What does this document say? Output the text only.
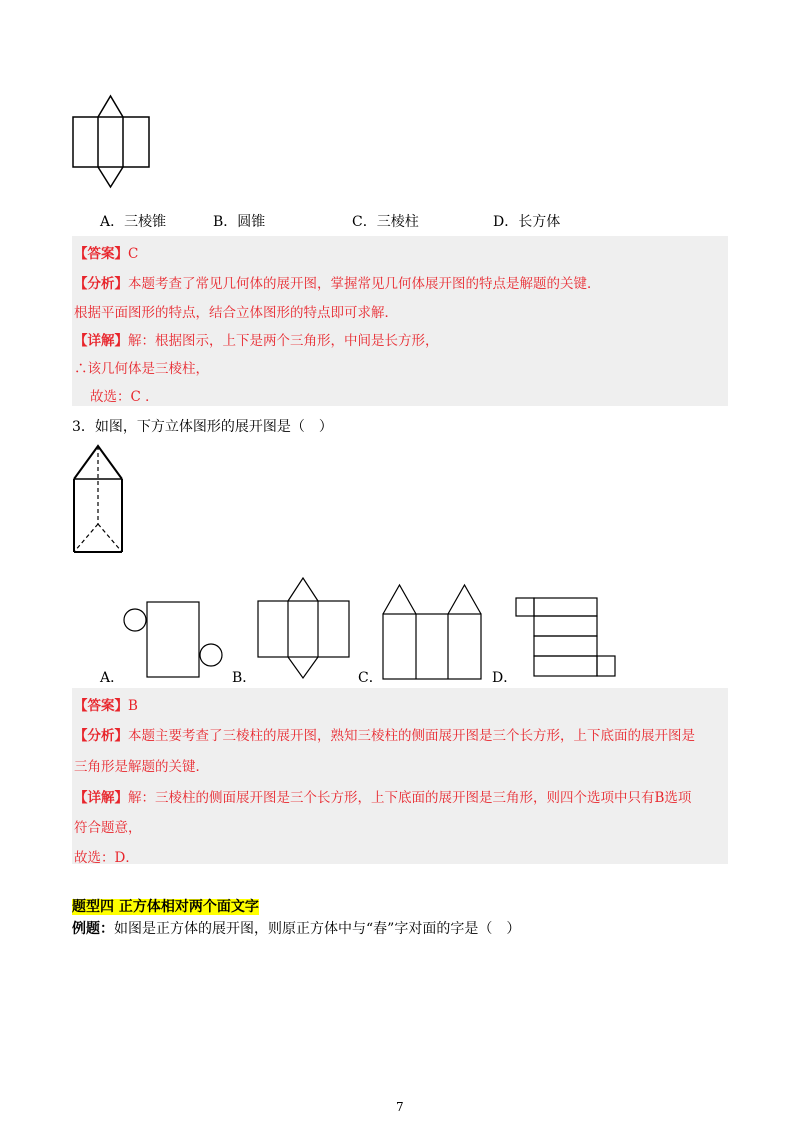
A．三棱锥	B．圆锥	C．三棱柱	D．长方体
【答案】C
【分析】本题考查了常见几何体的展开图，掌握常见几何体展开图的特点是解题的关键．
根据平面图形的特点，结合立体图形的特点即可求解．
【详解】解：根据图示，上下是两个三角形，中间是长方形，
∴该几何体是三棱柱，
故选：C ．
3．如图，下方立体图形的展开图是（　）
A．	B．	C．	D．
【答案】B
【分析】本题主要考查了三棱柱的展开图，熟知三棱柱的侧面展开图是三个长方形，上下底面的展开图是
三角形是解题的关键．
【详解】解：三棱柱的侧面展开图是三个长方形，上下底面的展开图是三角形，则四个选项中只有B选项
符合题意，
故选：D．
题型四 正方体相对两个面文字
例题：如图是正方体的展开图，则原正方体中与“春”字对面的字是（　）
7
